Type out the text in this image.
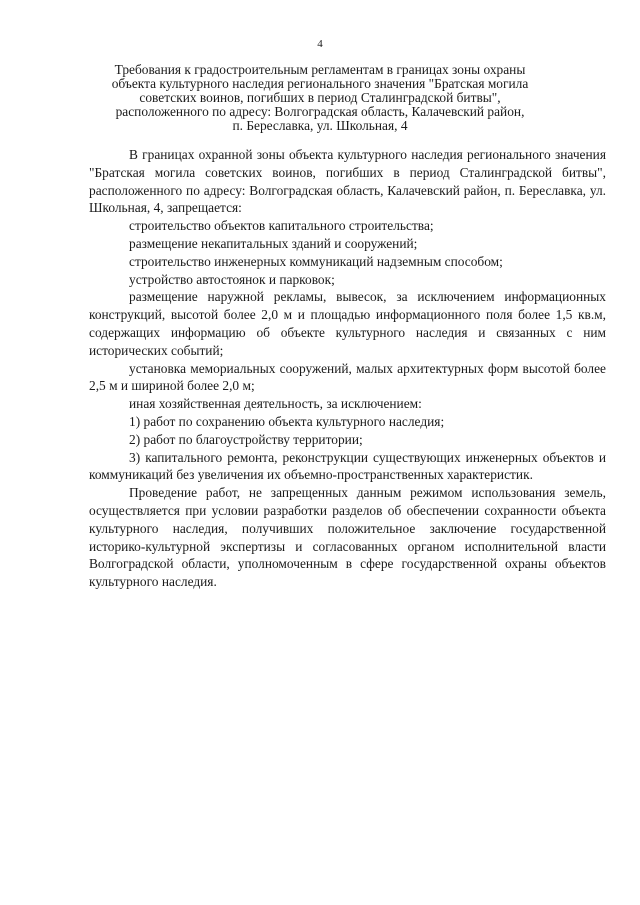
4
Требования к градостроительным регламентам в границах зоны охраны
объекта культурного наследия регионального значения "Братская могила
советских воинов, погибших в период Сталинградской битвы",
расположенного по адресу: Волгоградская область, Калачевский район,
п. Береславка, ул. Школьная, 4

В границах охранной зоны объекта культурного наследия регионального значения "Братская могила советских воинов, погибших в период Сталинградской битвы", расположенного по адресу: Волгоградская область, Калачевский район, п. Береславка, ул. Школьная, 4, запрещается:

строительство объектов капитального строительства;

размещение некапитальных зданий и сооружений;

строительство инженерных коммуникаций надземным способом;

устройство автостоянок и парковок;

размещение наружной рекламы, вывесок, за исключением информационных конструкций, высотой более 2,0 м и площадью информационного поля более 1,5 кв.м, содержащих информацию об объекте культурного наследия и связанных с ним исторических событий;

установка мемориальных сооружений, малых архитектурных форм высотой более 2,5 м и шириной более 2,0 м;

иная хозяйственная деятельность, за исключением:

1) работ по сохранению объекта культурного наследия;

2) работ по благоустройству территории;

3) капитального ремонта, реконструкции существующих инженерных объектов и коммуникаций без увеличения их объемно-пространственных характеристик.

Проведение работ, не запрещенных данным режимом использования земель, осуществляется при условии разработки разделов об обеспечении сохранности объекта культурного наследия, получивших положительное заключение государственной историко-культурной экспертизы и согласованных органом исполнительной власти Волгоградской области, уполномоченным в сфере государственной охраны объектов культурного наследия.
